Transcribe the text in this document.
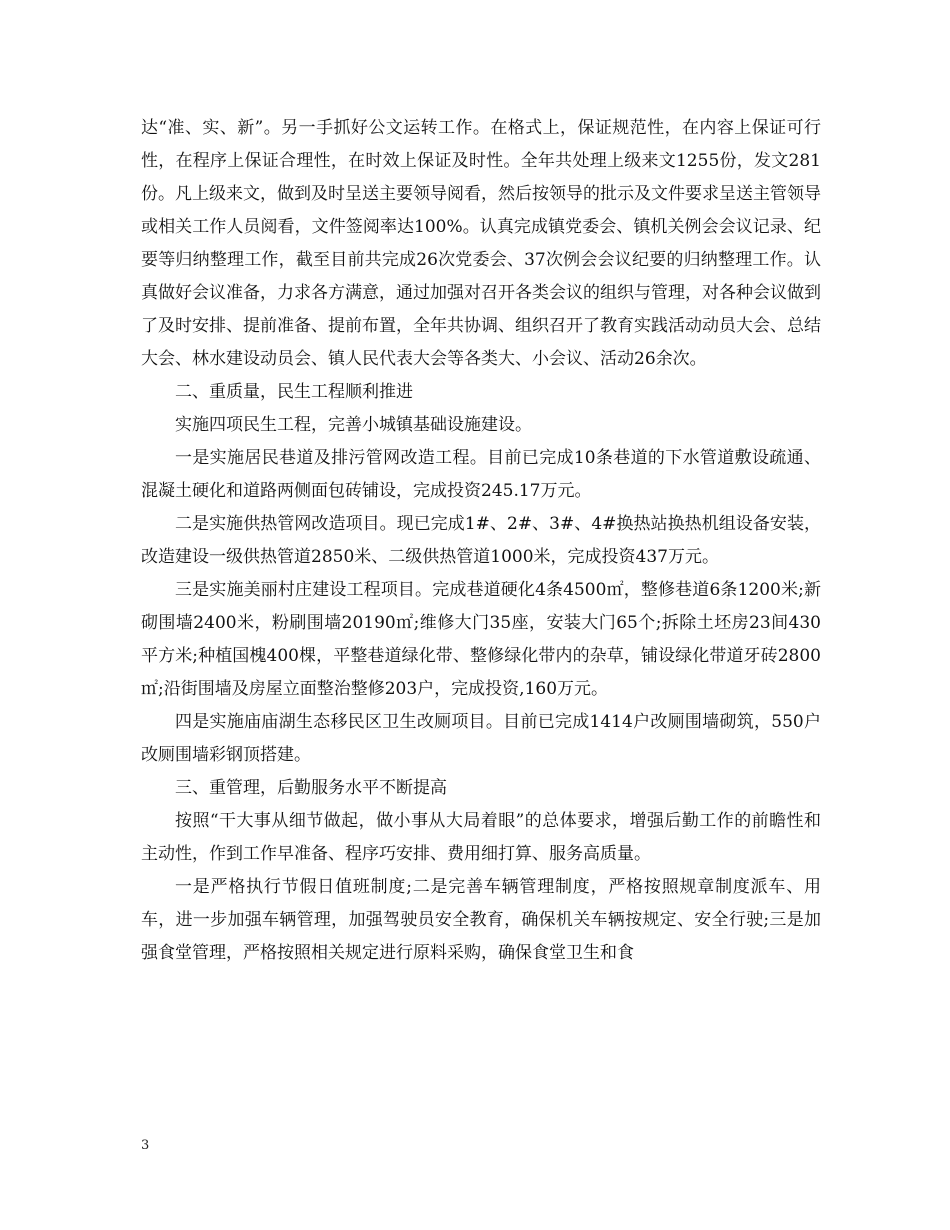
达“准、实、新”。另一手抓好公文运转工作。在格式上，保证规范性，在内容上保证可行性，在程序上保证合理性，在时效上保证及时性。全年共处理上级来文1255份，发文281份。凡上级来文，做到及时呈送主要领导阅看，然后按领导的批示及文件要求呈送主管领导或相关工作人员阅看，文件签阅率达100%。认真完成镇党委会、镇机关例会会议记录、纪要等归纳整理工作，截至目前共完成26次党委会、37次例会会议纪要的归纳整理工作。认真做好会议准备，力求各方满意，通过加强对召开各类会议的组织与管理，对各种会议做到了及时安排、提前准备、提前布置，全年共协调、组织召开了教育实践活动动员大会、总结大会、林水建设动员会、镇人民代表大会等各类大、小会议、活动26余次。

二、重质量，民生工程顺利推进

实施四项民生工程，完善小城镇基础设施建设。

一是实施居民巷道及排污管网改造工程。目前已完成10条巷道的下水管道敷设疏通、混凝土硬化和道路两侧面包砖铺设，完成投资245.17万元。

二是实施供热管网改造项目。现已完成1#、2#、3#、4#换热站换热机组设备安装，改造建设一级供热管道2850米、二级供热管道1000米，完成投资437万元。

三是实施美丽村庄建设工程项目。完成巷道硬化4条4500㎡，整修巷道6条1200米;新砌围墙2400米，粉刷围墙20190㎡;维修大门35座，安装大门65个;拆除土坯房23间430平方米;种植国槐400棵，平整巷道绿化带、整修绿化带内的杂草，铺设绿化带道牙砖2800㎡;沿街围墙及房屋立面整治整修203户，完成投资,160万元。

四是实施庙庙湖生态移民区卫生改厕项目。目前已完成1414户改厕围墙砌筑，550户改厕围墙彩钢顶搭建。

三、重管理，后勤服务水平不断提高

按照“干大事从细节做起，做小事从大局着眼”的总体要求，增强后勤工作的前瞻性和主动性，作到工作早准备、程序巧安排、费用细打算、服务高质量。

一是严格执行节假日值班制度;二是完善车辆管理制度，严格按照规章制度派车、用车，进一步加强车辆管理，加强驾驶员安全教育，确保机关车辆按规定、安全行驶;三是加强食堂管理，严格按照相关规定进行原料采购，确保食堂卫生和食

3
